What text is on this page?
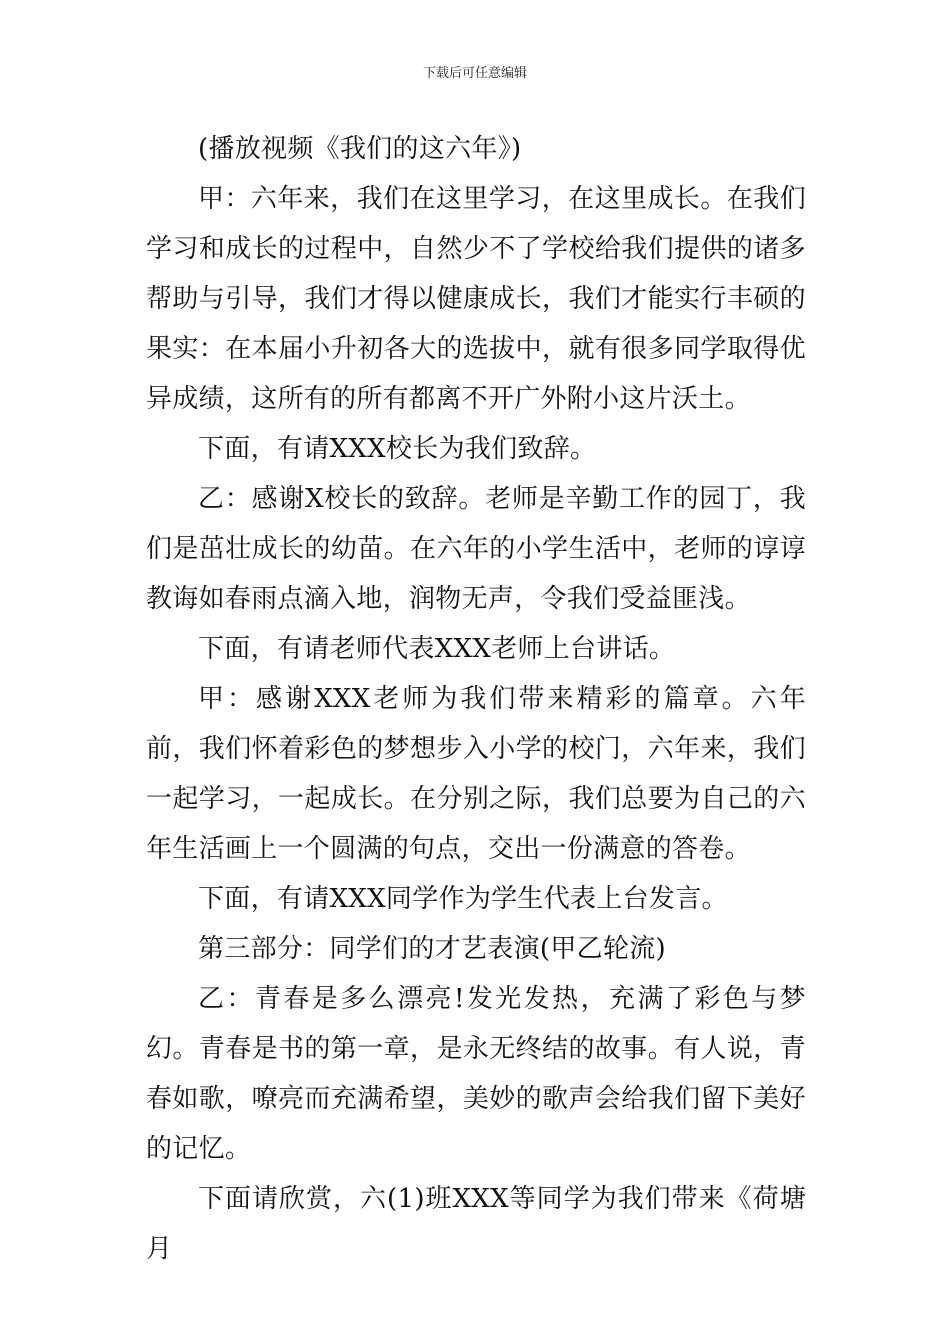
下载后可任意编辑

(播放视频《我们的这六年》)

甲：六年来，我们在这里学习，在这里成长。在我们学习和成长的过程中，自然少不了学校给我们提供的诸多帮助与引导，我们才得以健康成长，我们才能实行丰硕的果实：在本届小升初各大的选拔中，就有很多同学取得优异成绩，这所有的所有都离不开广外附小这片沃土。

下面，有请XXX校长为我们致辞。

乙：感谢X校长的致辞。老师是辛勤工作的园丁，我们是茁壮成长的幼苗。在六年的小学生活中，老师的谆谆教诲如春雨点滴入地，润物无声，令我们受益匪浅。

下面，有请老师代表XXX老师上台讲话。

甲：感谢XXX老师为我们带来精彩的篇章。六年前，我们怀着彩色的梦想步入小学的校门，六年来，我们一起学习，一起成长。在分别之际，我们总要为自己的六年生活画上一个圆满的句点，交出一份满意的答卷。

下面，有请XXX同学作为学生代表上台发言。

第三部分：同学们的才艺表演(甲乙轮流)

乙：青春是多么漂亮!发光发热，充满了彩色与梦幻。青春是书的第一章，是永无终结的故事。有人说，青春如歌，嘹亮而充满希望，美妙的歌声会给我们留下美好的记忆。

下面请欣赏，六(1)班XXX等同学为我们带来《荷塘月
